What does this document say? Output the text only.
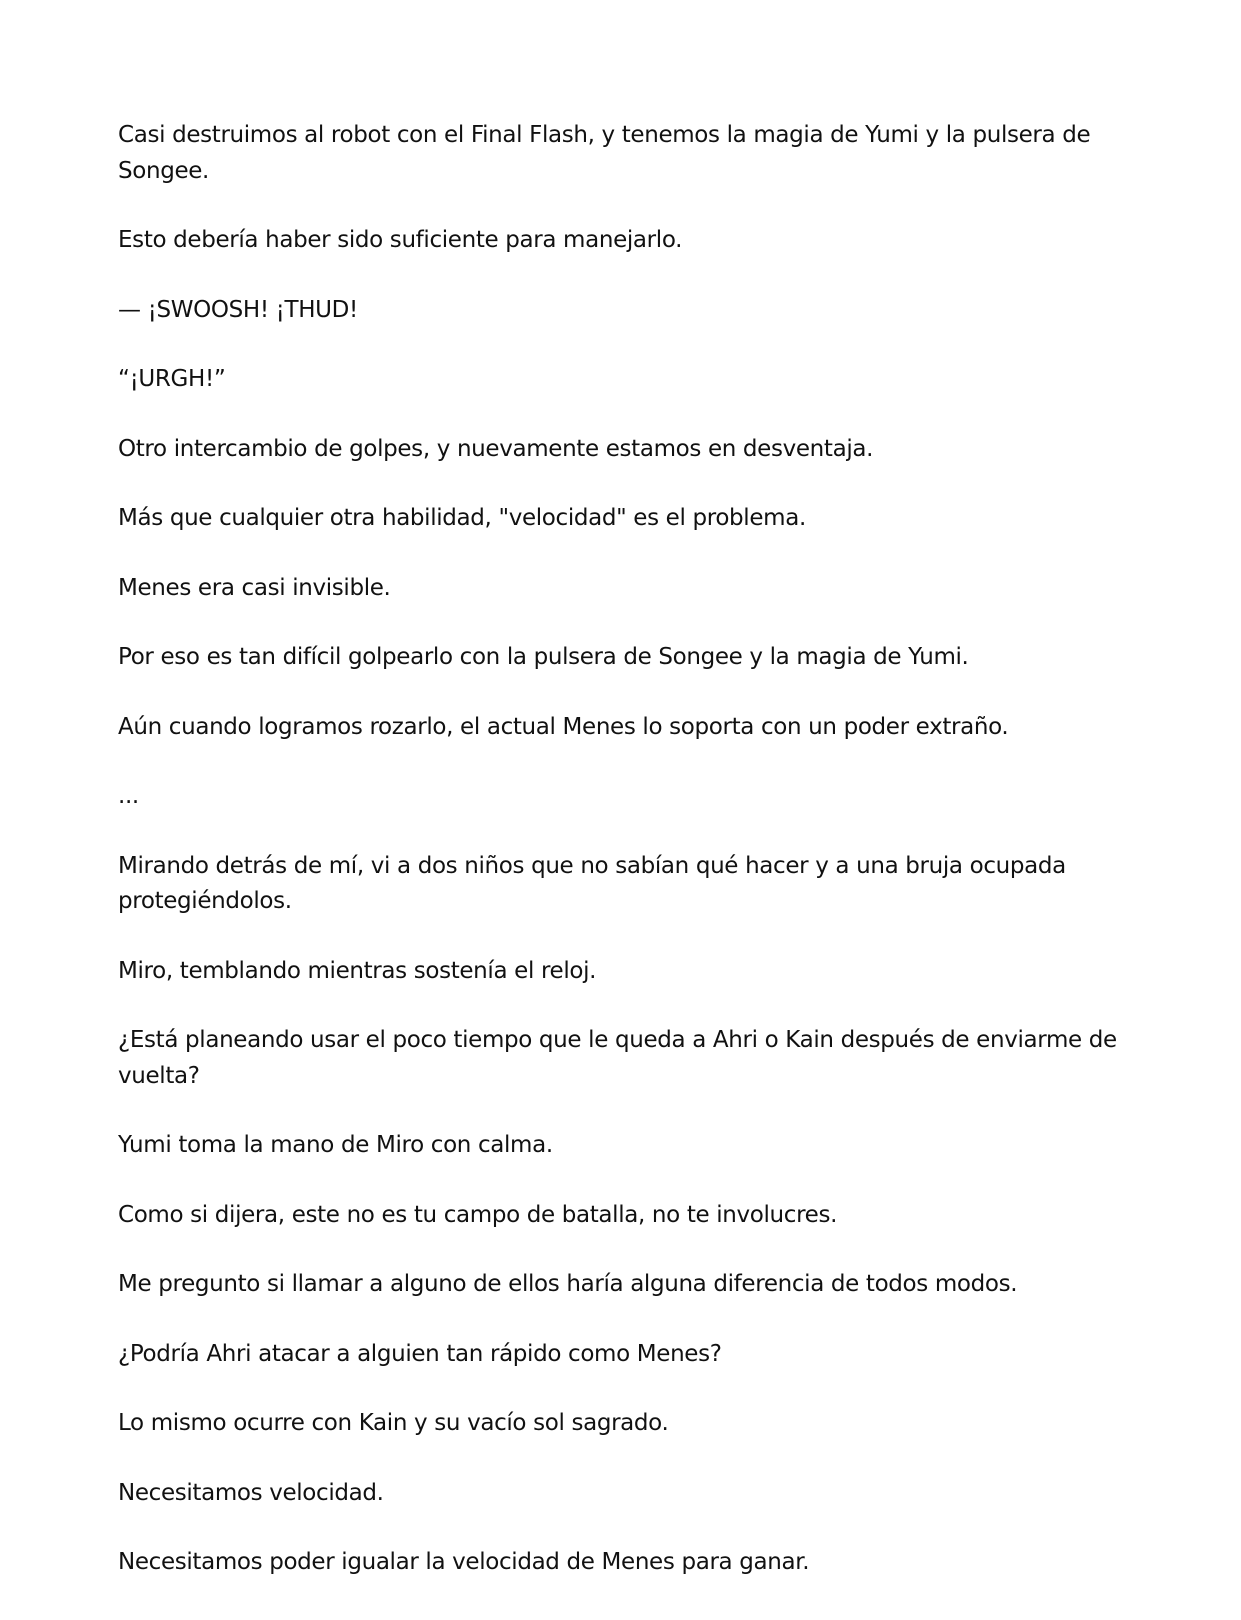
Casi destruimos al robot con el Final Flash, y tenemos la magia de Yumi y la pulsera de Songee.

Esto debería haber sido suficiente para manejarlo.

— ¡SWOOSH! ¡THUD!

“¡URGH!”

Otro intercambio de golpes, y nuevamente estamos en desventaja.

Más que cualquier otra habilidad, "velocidad" es el problema.

Menes era casi invisible.

Por eso es tan difícil golpearlo con la pulsera de Songee y la magia de Yumi.

Aún cuando logramos rozarlo, el actual Menes lo soporta con un poder extraño.

...

Mirando detrás de mí, vi a dos niños que no sabían qué hacer y a una bruja ocupada protegiéndolos.

Miro, temblando mientras sostenía el reloj.

¿Está planeando usar el poco tiempo que le queda a Ahri o Kain después de enviarme de vuelta?

Yumi toma la mano de Miro con calma.

Como si dijera, este no es tu campo de batalla, no te involucres.

Me pregunto si llamar a alguno de ellos haría alguna diferencia de todos modos.

¿Podría Ahri atacar a alguien tan rápido como Menes?

Lo mismo ocurre con Kain y su vacío sol sagrado.

Necesitamos velocidad.

Necesitamos poder igualar la velocidad de Menes para ganar.
